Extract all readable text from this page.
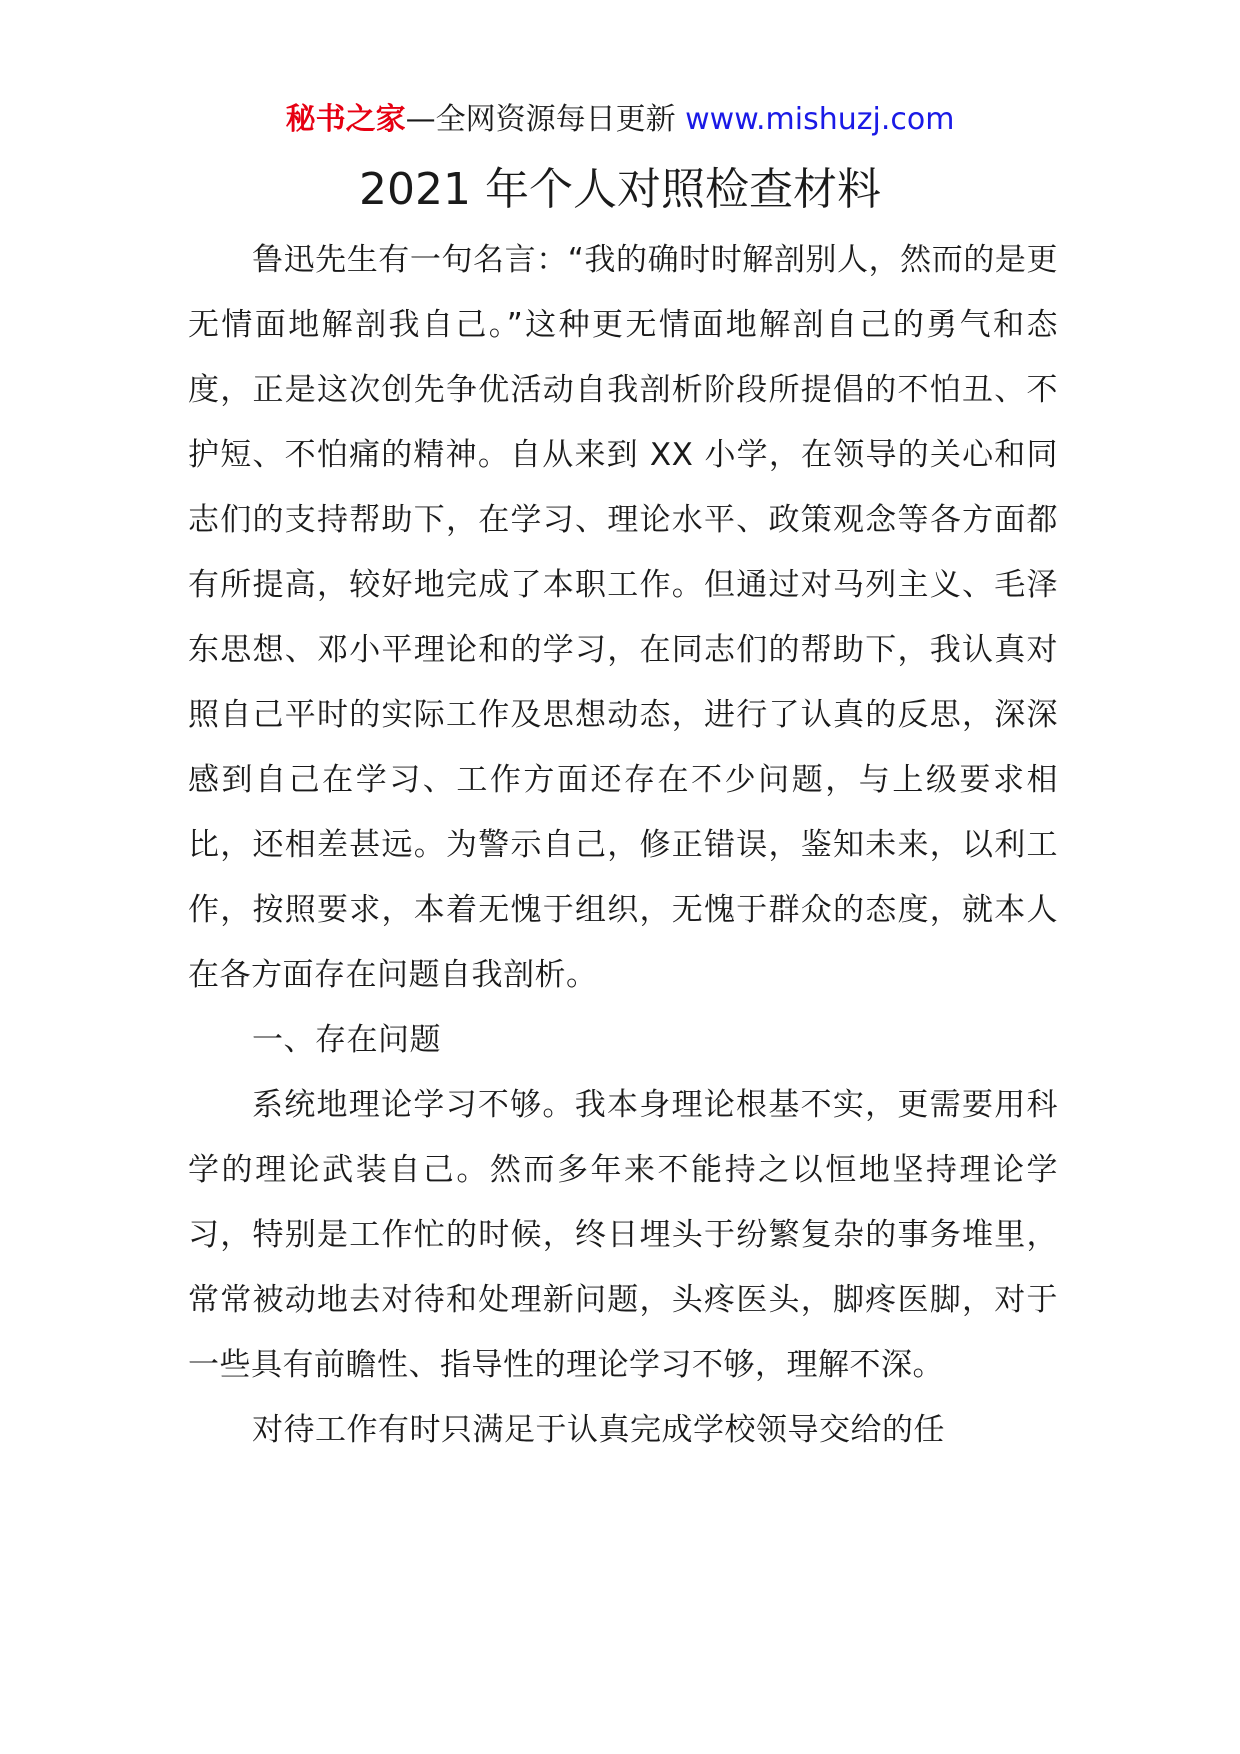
秘书之家—全网资源每日更新 www.mishuzj.com
2021 年个人对照检查材料

鲁迅先生有一句名言：“我的确时时解剖别人，然而的是更无情面地解剖我自己。”这种更无情面地解剖自己的勇气和态度，正是这次创先争优活动自我剖析阶段所提倡的不怕丑、不护短、不怕痛的精神。自从来到 XX 小学，在领导的关心和同志们的支持帮助下，在学习、理论水平、政策观念等各方面都有所提高，较好地完成了本职工作。但通过对马列主义、毛泽东思想、邓小平理论和的学习，在同志们的帮助下，我认真对照自己平时的实际工作及思想动态，进行了认真的反思，深深感到自己在学习、工作方面还存在不少问题，与上级要求相比，还相差甚远。为警示自己，修正错误，鉴知未来，以利工作，按照要求，本着无愧于组织，无愧于群众的态度，就本人在各方面存在问题自我剖析。

一、存在问题

系统地理论学习不够。我本身理论根基不实，更需要用科学的理论武装自己。然而多年来不能持之以恒地坚持理论学习，特别是工作忙的时候，终日埋头于纷繁复杂的事务堆里，常常被动地去对待和处理新问题，头疼医头，脚疼医脚，对于一些具有前瞻性、指导性的理论学习不够，理解不深。

对待工作有时只满足于认真完成学校领导交给的任
